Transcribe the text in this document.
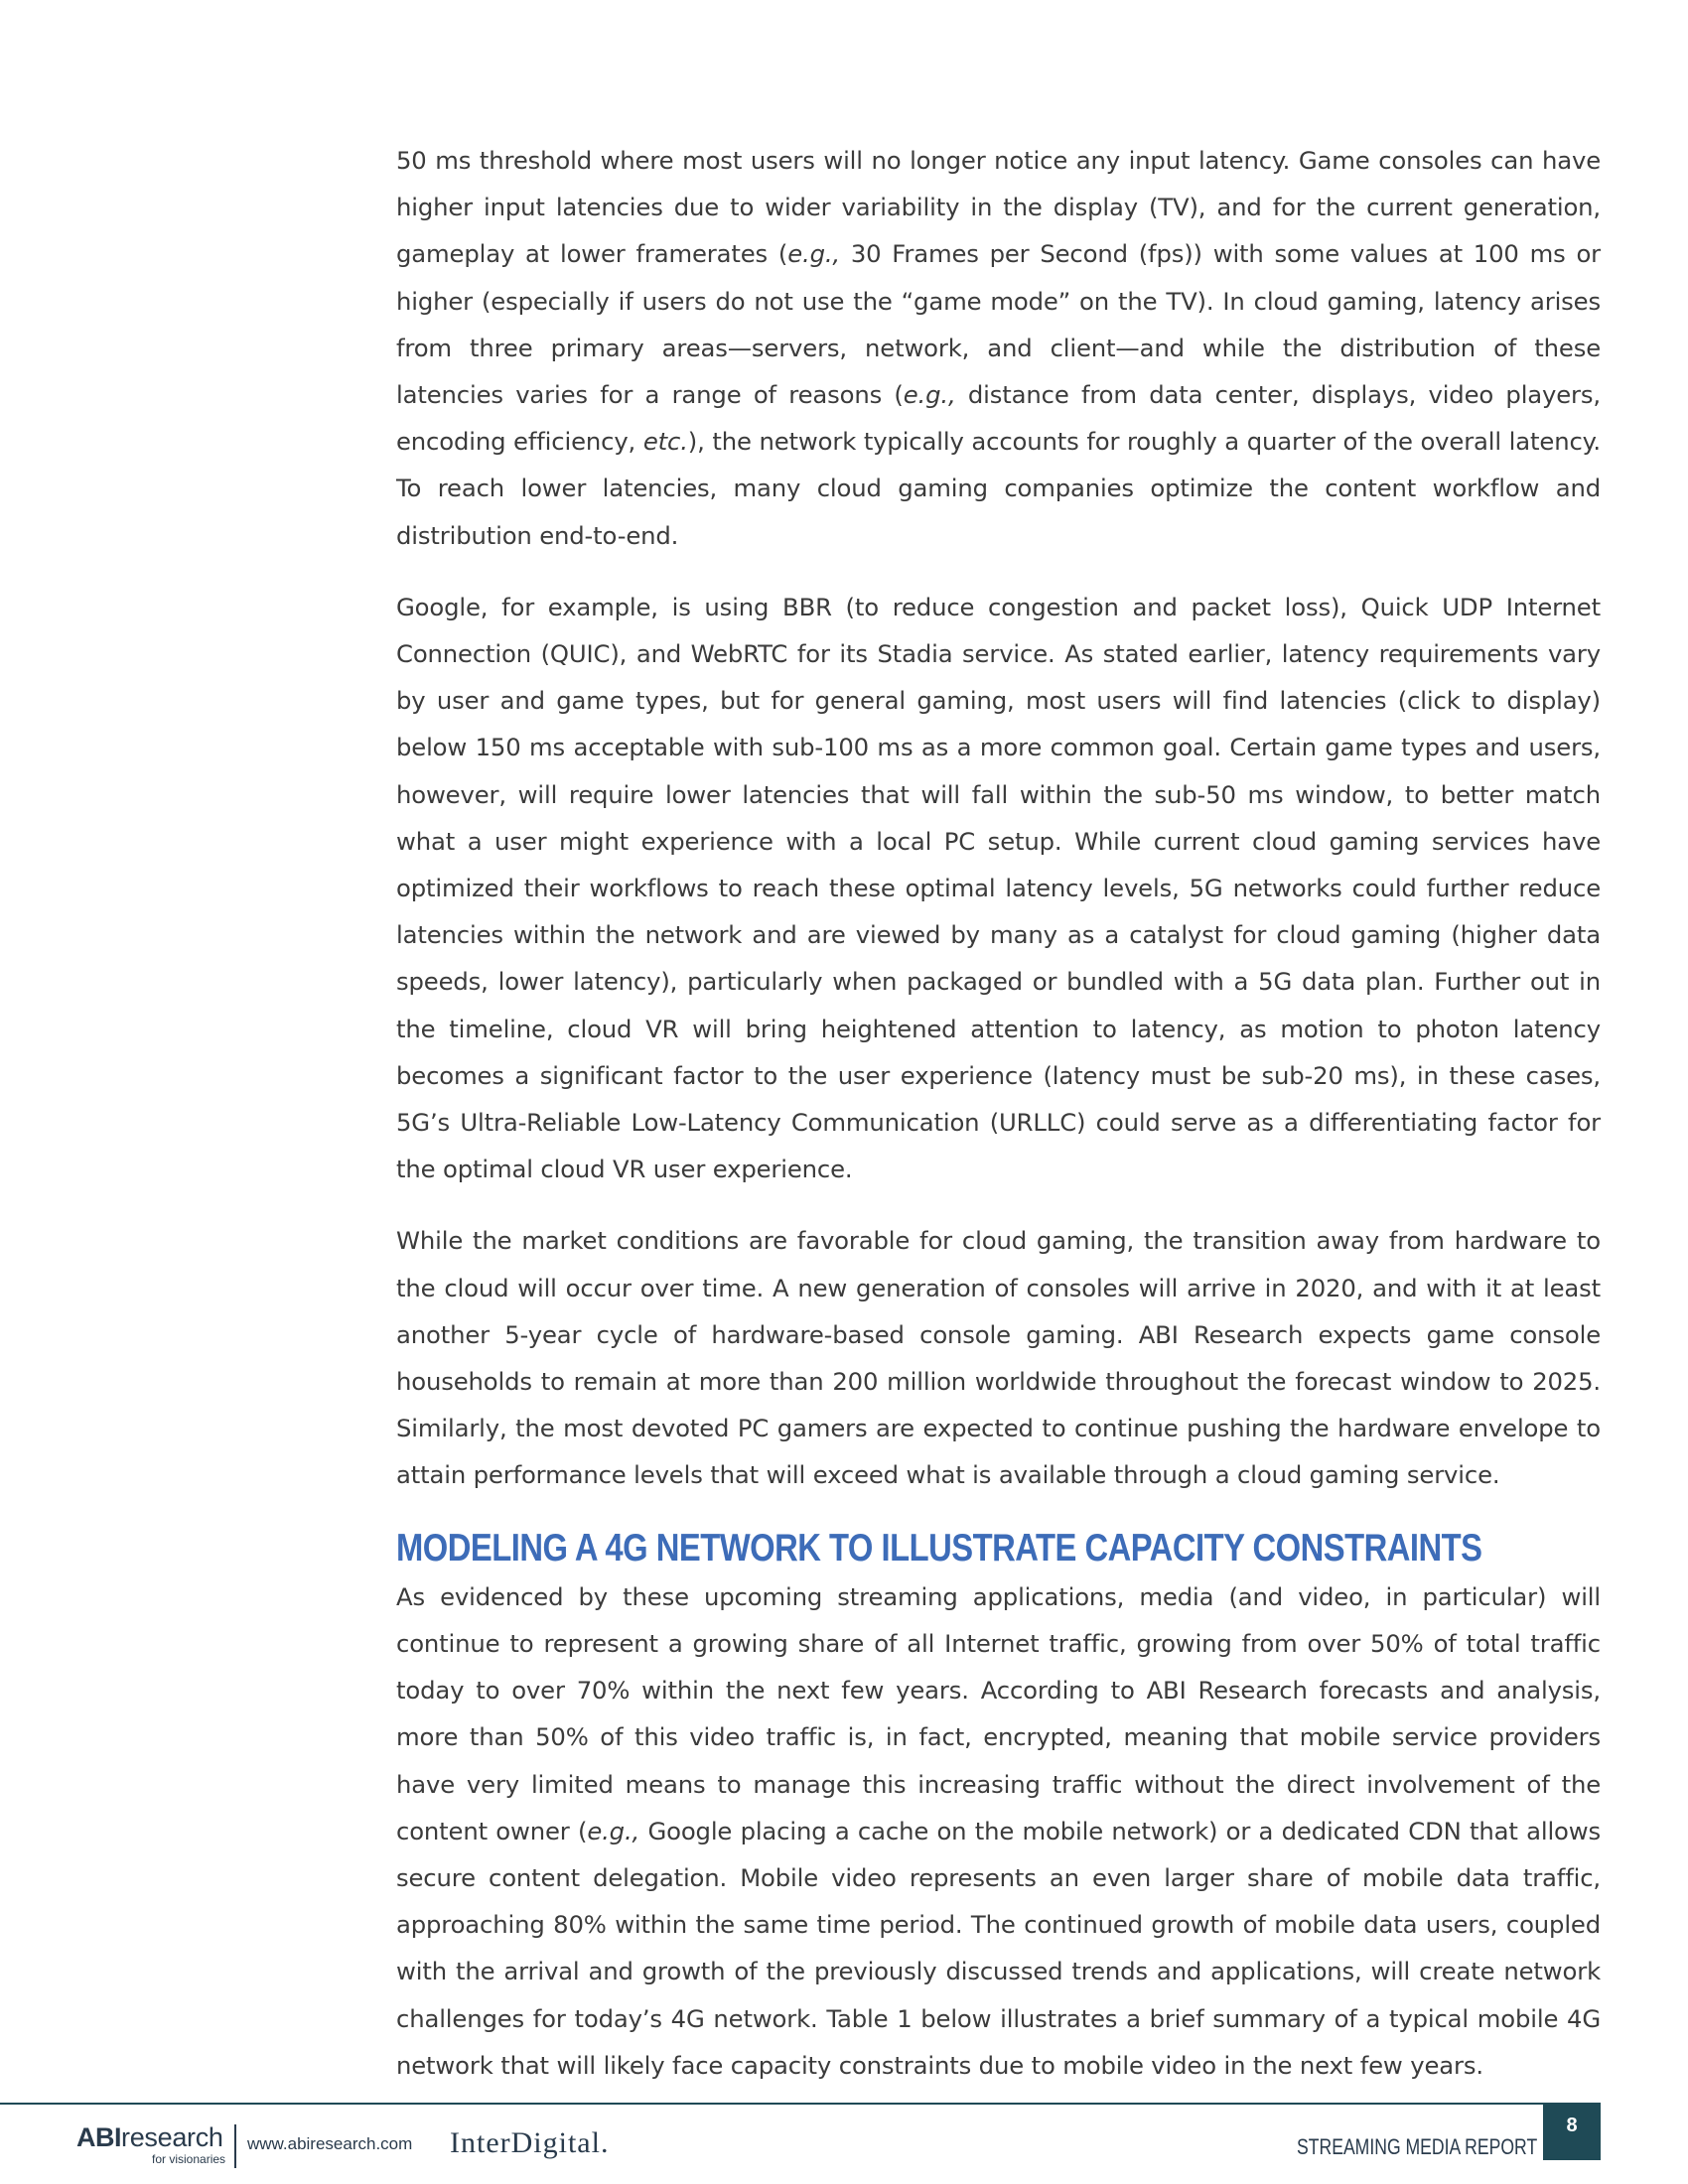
50 ms threshold where most users will no longer notice any input latency. Game consoles can have higher input latencies due to wider variability in the display (TV), and for the current generation, gameplay at lower framerates (e.g., 30 Frames per Second (fps)) with some values at 100 ms or higher (especially if users do not use the “game mode” on the TV). In cloud gaming, latency arises from three primary areas—servers, network, and client—and while the distribution of these latencies varies for a range of reasons (e.g., distance from data center, displays, video players, encoding efficiency, etc.), the network typically accounts for roughly a quarter of the overall latency. To reach lower latencies, many cloud gaming companies optimize the content workflow and distribution end-to-end.

Google, for example, is using BBR (to reduce congestion and packet loss), Quick UDP Internet Connection (QUIC), and WebRTC for its Stadia service. As stated earlier, latency requirements vary by user and game types, but for general gaming, most users will find latencies (click to display) below 150 ms acceptable with sub-100 ms as a more common goal. Certain game types and users, however, will require lower latencies that will fall within the sub-50 ms window, to better match what a user might experience with a local PC setup. While current cloud gaming services have optimized their workflows to reach these optimal latency levels, 5G networks could further reduce latencies within the network and are viewed by many as a catalyst for cloud gaming (higher data speeds, lower latency), particularly when packaged or bundled with a 5G data plan. Further out in the timeline, cloud VR will bring heightened attention to latency, as motion to photon latency becomes a significant factor to the user experience (latency must be sub-20 ms), in these cases, 5G’s Ultra-Reliable Low-Latency Communication (URLLC) could serve as a differentiating factor for the optimal cloud VR user experience.

While the market conditions are favorable for cloud gaming, the transition away from hardware to the cloud will occur over time. A new generation of consoles will arrive in 2020, and with it at least another 5-year cycle of hardware-based console gaming. ABI Research expects game console households to remain at more than 200 million worldwide throughout the forecast window to 2025. Similarly, the most devoted PC gamers are expected to continue pushing the hardware envelope to attain performance levels that will exceed what is available through a cloud gaming service.

MODELING A 4G NETWORK TO ILLUSTRATE CAPACITY CONSTRAINTS

As evidenced by these upcoming streaming applications, media (and video, in particular) will continue to represent a growing share of all Internet traffic, growing from over 50% of total traffic today to over 70% within the next few years. According to ABI Research forecasts and analysis, more than 50% of this video traffic is, in fact, encrypted, meaning that mobile service providers have very limited means to manage this increasing traffic without the direct involvement of the content owner (e.g., Google placing a cache on the mobile network) or a dedicated CDN that allows secure content delegation. Mobile video represents an even larger share of mobile data traffic, approaching 80% within the same time period. The continued growth of mobile data users, coupled with the arrival and growth of the previously discussed trends and applications, will create network challenges for today’s 4G network. Table 1 below illustrates a brief summary of a typical mobile 4G network that will likely face capacity constraints due to mobile video in the next few years.

ABIresearch
for visionaries
www.abiresearch.com InterDigital.	STREAMING MEDIA REPORT
8
